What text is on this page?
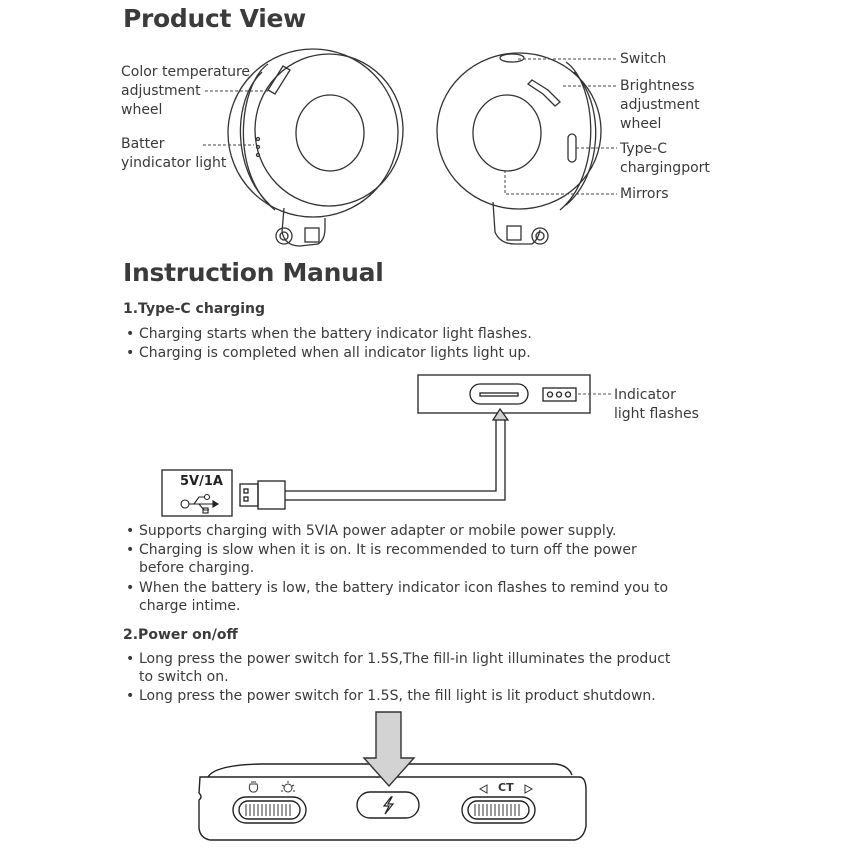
Product View
Color temperature
adjustment
wheel
Batter
yindicator light
Switch
Brightness
adjustment
wheel
Type-C
chargingport
Mirrors
Instruction Manual
1.Type-C charging
• Charging starts when the battery indicator light flashes.
• Charging is completed when all indicator lights light up.
5V/1A
Indicator
light flashes
• Supports charging with 5VIA power adapter or mobile power supply.
• Charging is slow when it is on. It is recommended to turn off the power before charging.
• When the battery is low, the battery indicator icon flashes to remind you to charge intime.
2.Power on/off
• Long press the power switch for 1.5S,The fill-in light illuminates the product to switch on.
• Long press the power switch for 1.5S, the fill light is lit product shutdown.
CT
